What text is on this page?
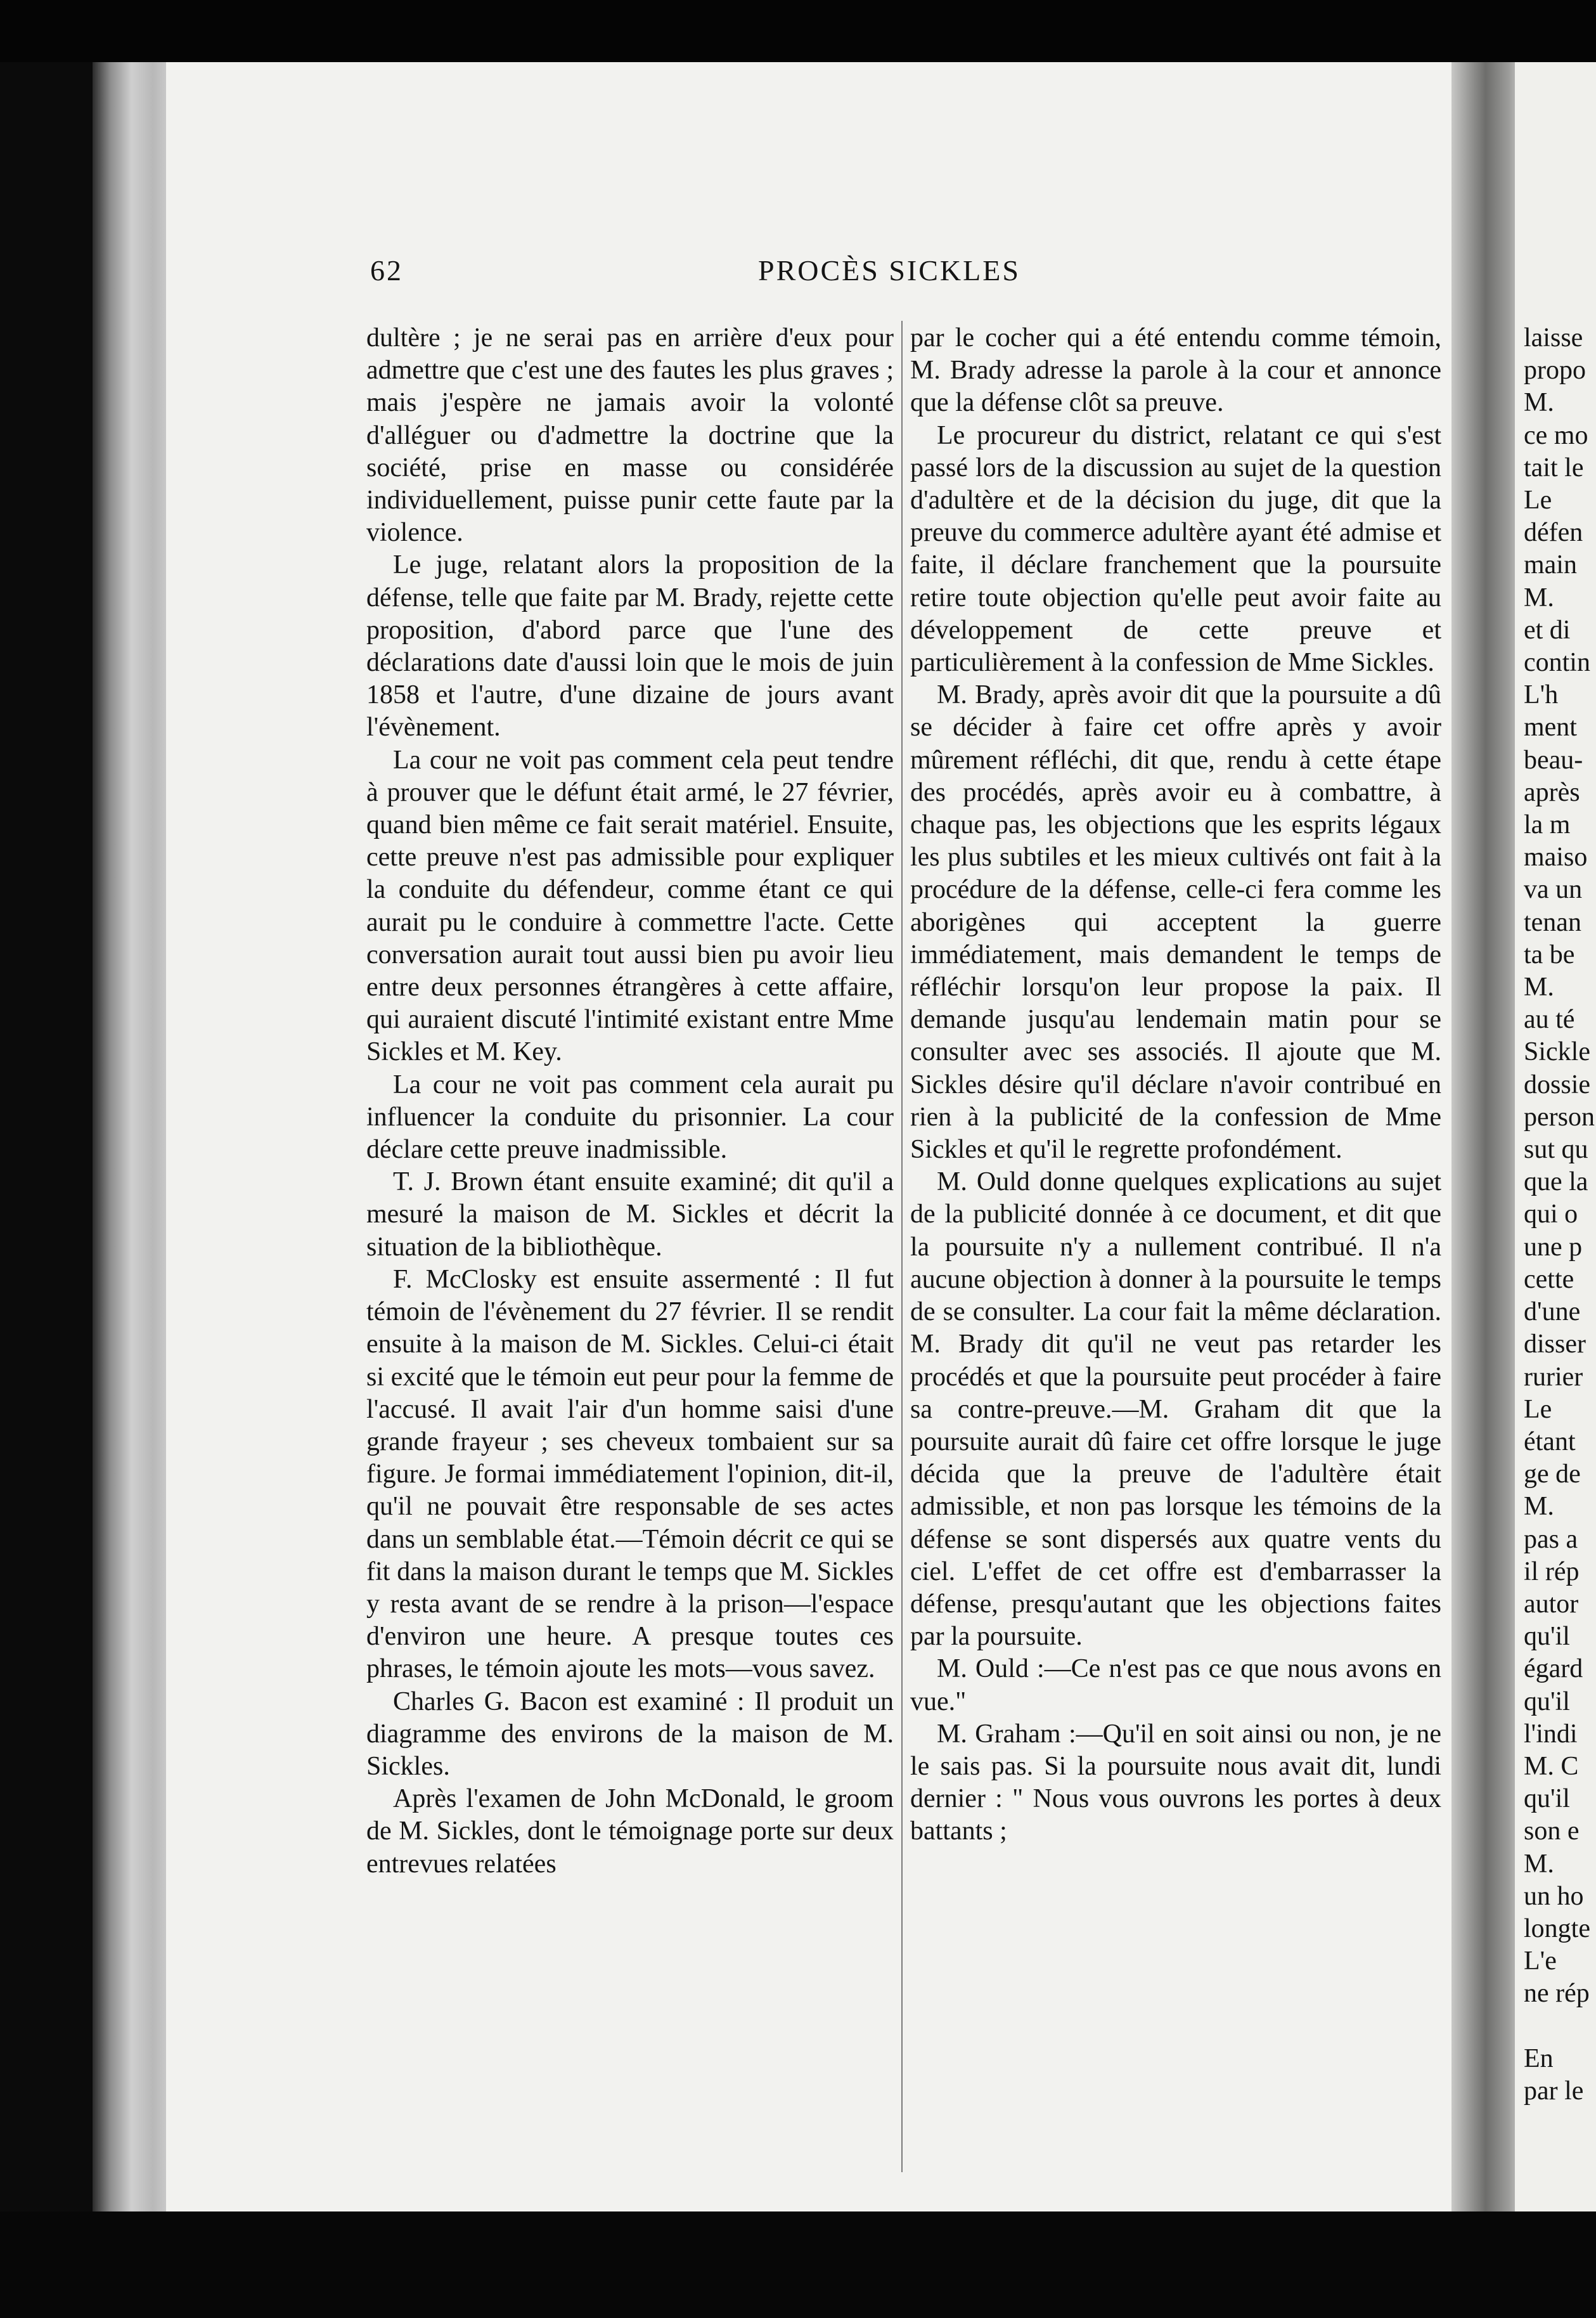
laisse
propo
M.
ce mo
tait le
Le
défen
main
M.
et di
contin
L'h
ment
beau-
après
la m
maiso
va un
tenan
ta be
M.
au té
Sickle
dossie
person
sut qu
que la
qui o
une p
cette
d'une
disser
rurier
Le
étant
ge de
M.
pas a
il rép
autor
qu'il
égard
qu'il
l'indi
M. C
qu'il
son e
M.
un ho
longte
L'e
ne rép

En
par le
62	PROCÈS SICKLES

dultère ; je ne serai pas en arrière d'eux pour admettre que c'est une des fautes les plus graves ; mais j'espère ne jamais avoir la volonté d'alléguer ou d'admettre la doctrine que la société, prise en masse ou considérée individuellement, puisse punir cette faute par la violence.

Le juge, relatant alors la proposition de la défense, telle que faite par M. Brady, rejette cette proposition, d'abord parce que l'une des déclarations date d'aussi loin que le mois de juin 1858 et l'autre, d'une dizaine de jours avant l'évènement.

La cour ne voit pas comment cela peut tendre à prouver que le défunt était armé, le 27 février, quand bien même ce fait serait matériel. Ensuite, cette preuve n'est pas admissible pour expliquer la conduite du défendeur, comme étant ce qui aurait pu le conduire à commettre l'acte. Cette conversation aurait tout aussi bien pu avoir lieu entre deux personnes étrangères à cette affaire, qui auraient discuté l'intimité existant entre Mme Sickles et M. Key.

La cour ne voit pas comment cela aurait pu influencer la conduite du prisonnier. La cour déclare cette preuve inadmissible.

T. J. Brown étant ensuite examiné; dit qu'il a mesuré la maison de M. Sickles et décrit la situation de la bibliothèque.

F. McClosky est ensuite assermenté : Il fut témoin de l'évènement du 27 février. Il se rendit ensuite à la maison de M. Sickles. Celui-ci était si excité que le témoin eut peur pour la femme de l'accusé. Il avait l'air d'un homme saisi d'une grande frayeur ; ses cheveux tombaient sur sa figure. Je formai immédiatement l'opinion, dit-il, qu'il ne pouvait être responsable de ses actes dans un semblable état.—Témoin décrit ce qui se fit dans la maison durant le temps que M. Sickles y resta avant de se rendre à la prison—l'espace d'environ une heure. A presque toutes ces phrases, le témoin ajoute les mots—vous savez.

Charles G. Bacon est examiné : Il produit un diagramme des environs de la maison de M. Sickles.

Après l'examen de John McDonald, le groom de M. Sickles, dont le témoignage porte sur deux entrevues relatées

par le cocher qui a été entendu comme témoin, M. Brady adresse la parole à la cour et annonce que la défense clôt sa preuve.

Le procureur du district, relatant ce qui s'est passé lors de la discussion au sujet de la question d'adultère et de la décision du juge, dit que la preuve du commerce adultère ayant été admise et faite, il déclare franchement que la poursuite retire toute objection qu'elle peut avoir faite au développement de cette preuve et particulièrement à la confession de Mme Sickles.

M. Brady, après avoir dit que la poursuite a dû se décider à faire cet offre après y avoir mûrement réfléchi, dit que, rendu à cette étape des procédés, après avoir eu à combattre, à chaque pas, les objections que les esprits légaux les plus subtiles et les mieux cultivés ont fait à la procédure de la défense, celle-ci fera comme les aborigènes qui acceptent la guerre immédiatement, mais demandent le temps de réfléchir lorsqu'on leur propose la paix. Il demande jusqu'au lendemain matin pour se consulter avec ses associés. Il ajoute que M. Sickles désire qu'il déclare n'avoir contribué en rien à la publicité de la confession de Mme Sickles et qu'il le regrette profondément.

M. Ould donne quelques explications au sujet de la publicité donnée à ce document, et dit que la poursuite n'y a nullement contribué. Il n'a aucune objection à donner à la poursuite le temps de se consulter. La cour fait la même déclaration. M. Brady dit qu'il ne veut pas retarder les procédés et que la poursuite peut procéder à faire sa contre-preuve.—M. Graham dit que la poursuite aurait dû faire cet offre lorsque le juge décida que la preuve de l'adultère était admissible, et non pas lorsque les témoins de la défense se sont dispersés aux quatre vents du ciel. L'effet de cet offre est d'embarrasser la défense, presqu'autant que les objections faites par la poursuite.

M. Ould :—Ce n'est pas ce que nous avons en vue."

M. Graham :—Qu'il en soit ainsi ou non, je ne le sais pas. Si la poursuite nous avait dit, lundi dernier : " Nous vous ouvrons les portes à deux battants ;
